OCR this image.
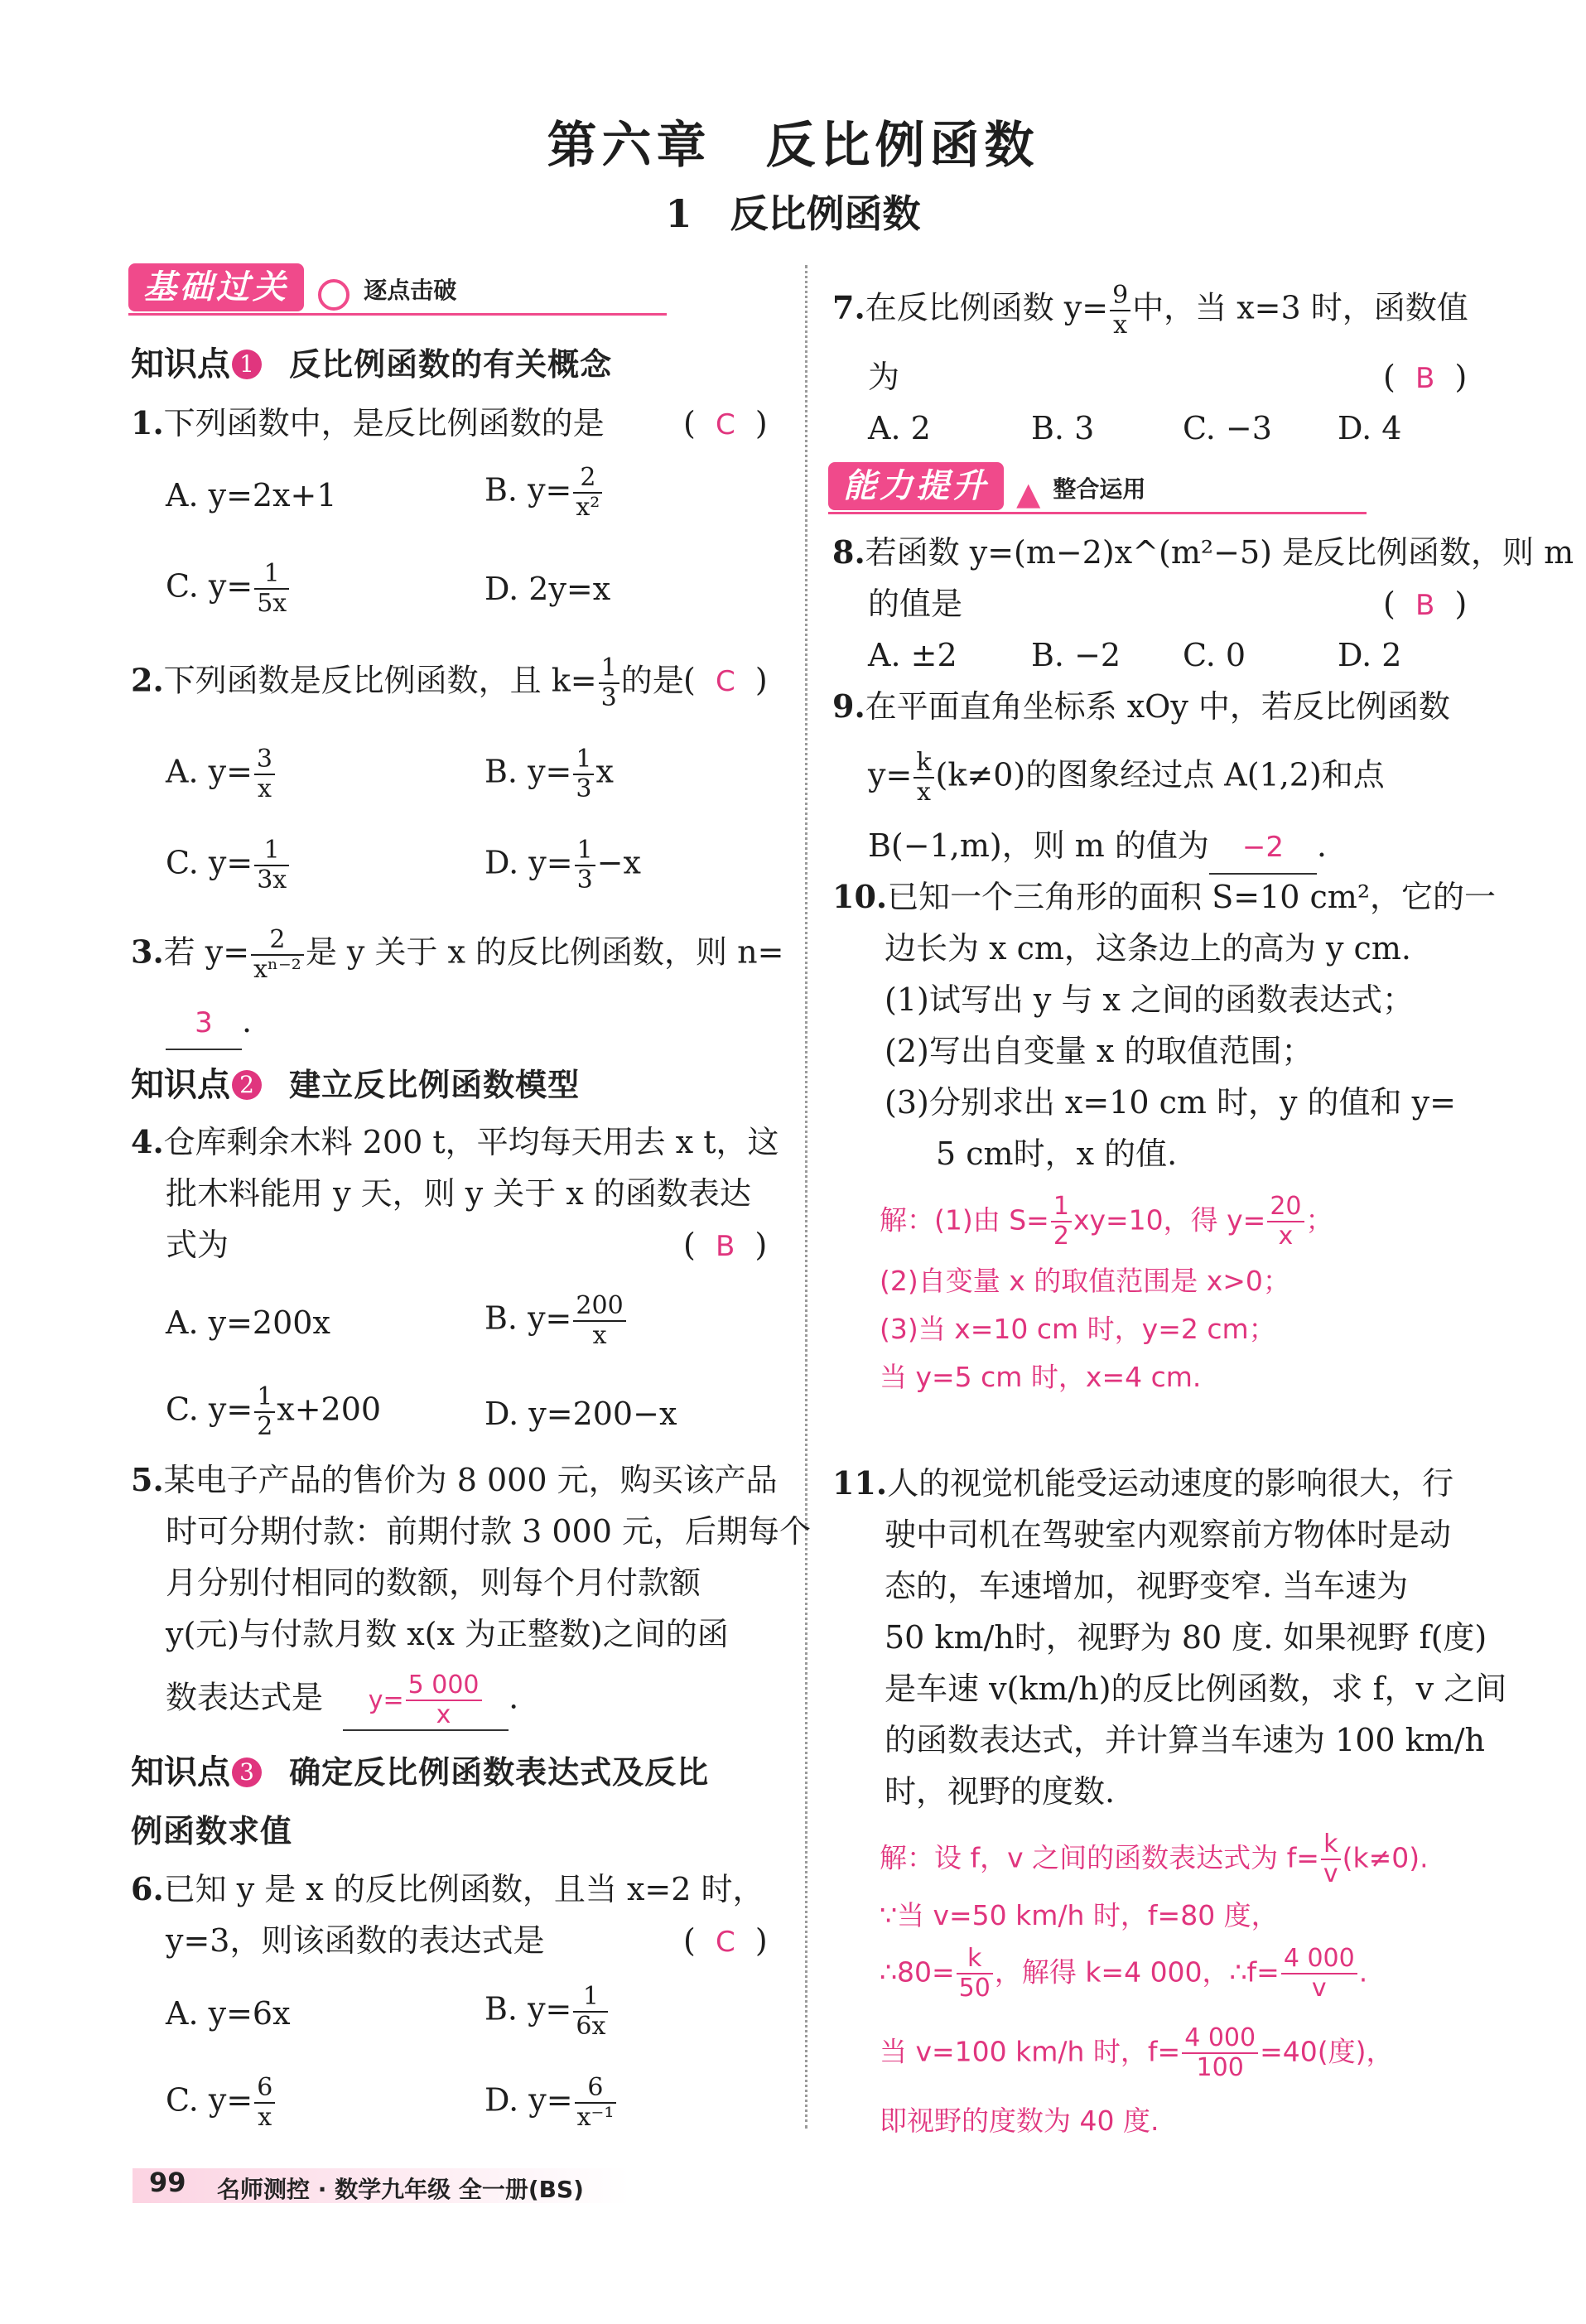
第六章　反比例函数
1　反比例函数
基础过关	逐点击破
知识点 1 反比例函数的有关概念
1.下列函数中，是反比例函数的是	(  C  )
A. y=2x+1	B. $y= \frac{2}{\text{x²}}$
C. $y= \frac{1}{5x}$	D. 2y=x
2.下列函数是反比例函数，且 $k= \frac{1}{3}$ 的是 (  C  )
A. $y= \frac{3}{x}$	B. $y= \frac{1}{3}$ x
C. $y= \frac{1}{3x}$	D. $y= \frac{1}{3} -x$
3.若 $y= \frac{2}{\text{xⁿ⁻²}}$ 是 y 关于 x 的反比例函数，则 n=
3 .
知识点 2 建立反比例函数模型
4.仓库剩余木料 200 t，平均每天用去 x t，这
批木料能用 y 天，则 y 关于 x 的函数表达
式为	(  B  )
A. y=200x	B. $y= \frac{200}{x}$
C. $y= \frac{1}{2} x+200$	D. y=200−x
5.某电子产品的售价为 8 000 元，购买该产品
时可分期付款：前期付款 3 000 元，后期每个
月分别付相同的数额，则每个月付款额
y(元)与付款月数 x(x 为正整数)之间的函
数表达式是 $y= \frac{5 000}{x}$ .
知识点 3 确定反比例函数表达式及反比
例函数求值
6.已知 y 是 x 的反比例函数，且当 x=2 时，
y=3，则该函数的表达式是	(  C  )
A. y=6x	B. $y= \frac{1}{6x}$
C. $y= \frac{6}{x}$	D. $y= \frac{6}{\text{x⁻¹}}$
7.在反比例函数 $y= \frac{9}{x}$ 中，当 x=3 时，函数值
为	(  B  )
A. 2	B. 3	C. −3 D. 4
能力提升 ▲ 整合运用
8.若函数 y=(m−2)x^(m²−5) 是反比例函数，则 m
的值是	(  B  )
A. ±2 B. −2 C. 0	D. 2
9.在平面直角坐标系 xOy 中，若反比例函数
$y= \frac{k}{x} (k\ne 0)$的图象经过点 A(1,2)和点
B(−1,m)，则 m 的值为 −2 .
10.已知一个三角形的面积 S=10 cm²，它的一
边长为 x cm，这条边上的高为 y cm.
(1)试写出 y 与 x 之间的函数表达式；
(2)写出自变量 x 的取值范围；
(3)分别求出 x=10 cm 时，y 的值和 y=
5 cm时，x 的值.
解：(1)由 $S= \frac{1}{2} xy=10$，得 $y= \frac{20}{x}$ ；
(2)自变量 x 的取值范围是 x>0；
(3)当 x=10 cm 时，y=2 cm；
当 y=5 cm 时，x=4 cm.
11.人的视觉机能受运动速度的影响很大，行
驶中司机在驾驶室内观察前方物体时是动
态的，车速增加，视野变窄. 当车速为
50 km/h时，视野为 80 度. 如果视野 f(度)
是车速 v(km/h)的反比例函数，求 f，v 之间
的函数表达式，并计算当车速为 100 km/h
时，视野的度数.
解：设 f，v 之间的函数表达式为 $f= \frac{k}{v} (k\ne 0)$.
∵当 v=50 km/h 时，f=80 度，
∴80= $\frac{k}{50}$ ，解得 k=4 000，∴f= $\frac{4 000}{v}$ .
当 v=100 km/h 时，$f= \frac{4 000}{100} =40$(度)，
即视野的度数为 40 度.
99 名师测控 · 数学九年级 全一册(BS)
